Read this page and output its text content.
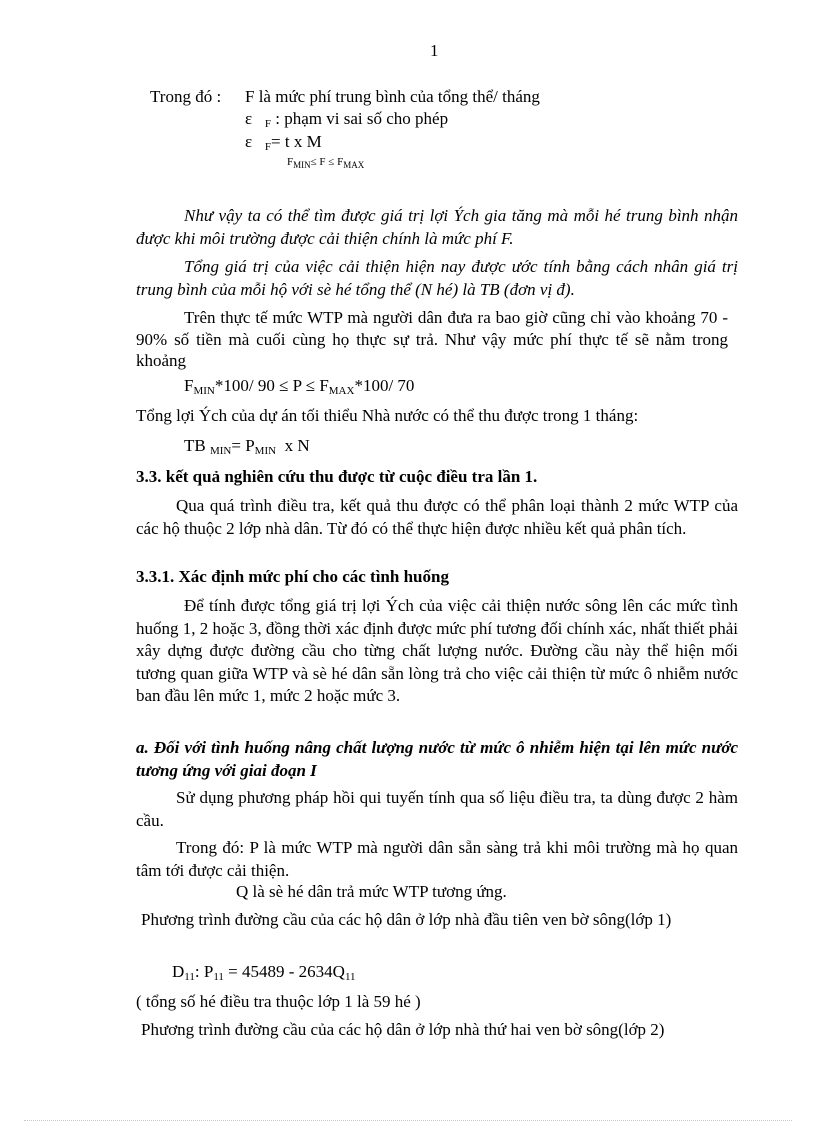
1
Trong đó : F là mức phí trung bình của tổng thể/ tháng
ε $_F$ : phạm vi sai số cho phép
ε $_F$= t x M
$F_{MIN}\le F \le F_{MAX}$
Như vậy ta có thể tìm được giá trị lợi Ých gia tăng mà mỗi hé trung bình nhận được khi môi trường được cải thiện chính là mức phí F.
Tổng giá trị của việc cải thiện hiện nay được ước tính bằng cách nhân giá trị trung bình của mỗi hộ với sè hé tổng thể (N hé) là TB (đơn vị đ).
Trên thực tế mức WTP mà người dân đưa ra bao giờ cũng chỉ vào khoảng 70 - 90% số tiền mà cuối cùng họ thực sự trả. Như vậy mức phí thực tế sẽ nằm trong khoảng
$F_{MIN}*100/$ $90 \le P \le F_{MAX}*100/$ 70
Tổng lợi Ých của dự án tối thiểu Nhà nước có thể thu được trong 1 tháng:
TB $_{MIN}= P_{MIN}$ x N
3.3. kết quả nghiên cứu thu được từ cuộc điều tra lần 1.
Qua quá trình điều tra, kết quả thu được có thể phân loại thành 2 mức WTP của các hộ thuộc 2 lớp nhà dân. Từ đó có thể thực hiện được nhiều kết quả phân tích.
3.3.1. Xác định mức phí cho các tình huống
Để tính được tổng giá trị lợi Ých của việc cải thiện nước sông lên các mức tình huống 1, 2 hoặc 3, đồng thời xác định được mức phí tương đối chính xác, nhất thiết phải xây dựng được đường cầu cho từng chất lượng nước. Đường cầu này thể hiện mối tương quan giữa WTP và sè hé dân sẵn lòng trả cho việc cải thiện từ mức ô nhiễm nước ban đầu lên mức 1, mức 2 hoặc mức 3.
a. Đối với tình huống nâng chất lượng nước từ mức ô nhiễm hiện tại lên mức nước tương ứng với giai đoạn I
Sử dụng phương pháp hồi qui tuyến tính qua số liệu điều tra, ta dùng được 2 hàm cầu.
Trong đó: P là mức WTP mà người dân sẵn sàng trả khi môi trường mà họ quan tâm tới được cải thiện.
Q là sè hé dân trả mức WTP tương ứng.
Phương trình đường cầu của các hộ dân ở lớp nhà đầu tiên ven bờ sông(lớp 1)
$D_{11}$: $P_{11} = 45489 - 2634Q_{11}$
( tổng số hé điều tra thuộc lớp 1 là 59 hé )
Phương trình đường cầu của các hộ dân ở lớp nhà thứ hai ven bờ sông(lớp 2)
